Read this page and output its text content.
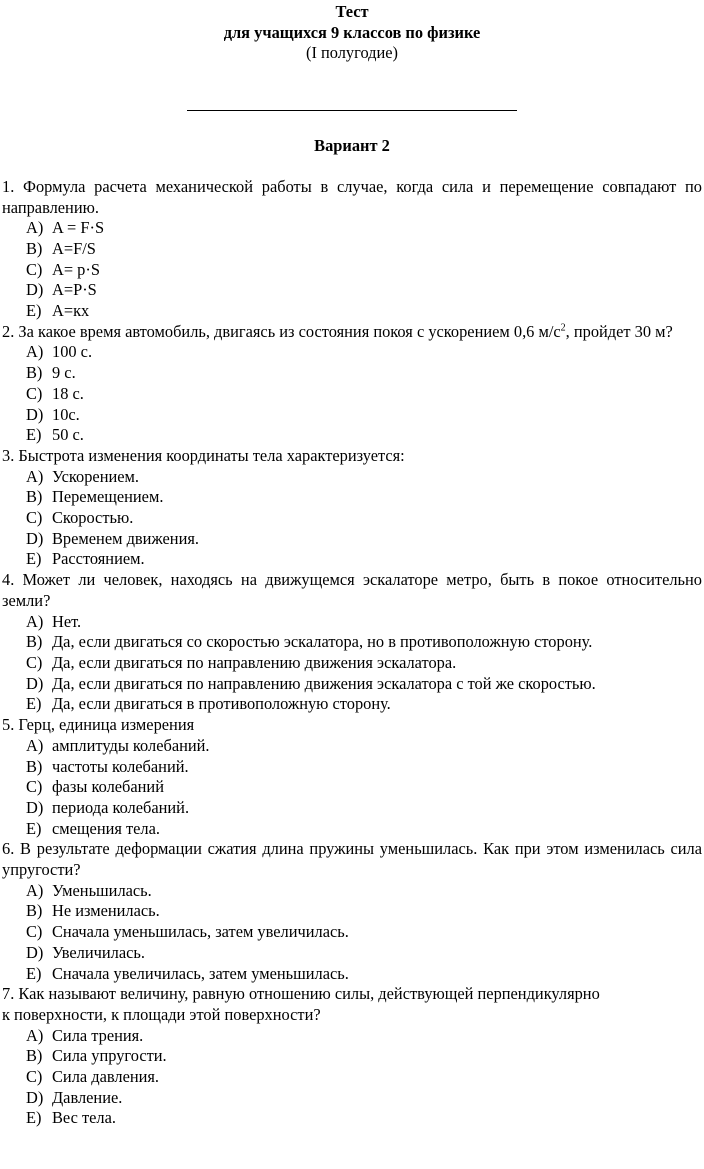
Тест
для учащихся 9 классов по физике
(I полугодие)
Вариант 2
1. Формула расчета механической работы в случае, когда сила и перемещение совпадают по направлению.
A) A = F·S
B) A=F/S
C) A= p·S
D) A=P·S
E) A=кx
2. За какое время автомобиль, двигаясь из состояния покоя с ускорением 0,6 $м/с^2$, пройдет 30 м?
A) 100 с.
B) 9 с.
C) 18 с.
D) 10с.
E) 50 с.
3. Быстрота изменения координаты тела характеризуется:
A) Ускорением.
B) Перемещением.
C) Скоростью.
D) Временем движения.
E) Расстоянием.
4. Может ли человек, находясь на движущемся эскалаторе метро, быть в покое относительно земли?
A) Нет.
B) Да, если двигаться со скоростью эскалатора, но в противоположную сторону.
C) Да, если двигаться по направлению движения эскалатора.
D) Да, если двигаться по направлению движения эскалатора с той же скоростью.
E) Да, если двигаться в противоположную сторону.
5. Герц, единица измерения
A) амплитуды колебаний.
B) частоты колебаний.
C) фазы колебаний
D) периода колебаний.
E) смещения тела.
6. В результате деформации сжатия длина пружины уменьшилась. Как при этом изменилась сила упругости?
A) Уменьшилась.
B) Не изменилась.
C) Сначала уменьшилась, затем увеличилась.
D) Увеличилась.
E) Сначала увеличилась, затем уменьшилась.
7. Как называют величину, равную отношению силы, действующей перпендикулярно
к поверхности, к площади этой поверхности?
A) Сила трения.
B) Сила упругости.
C) Сила давления.
D) Давление.
E) Вес тела.
